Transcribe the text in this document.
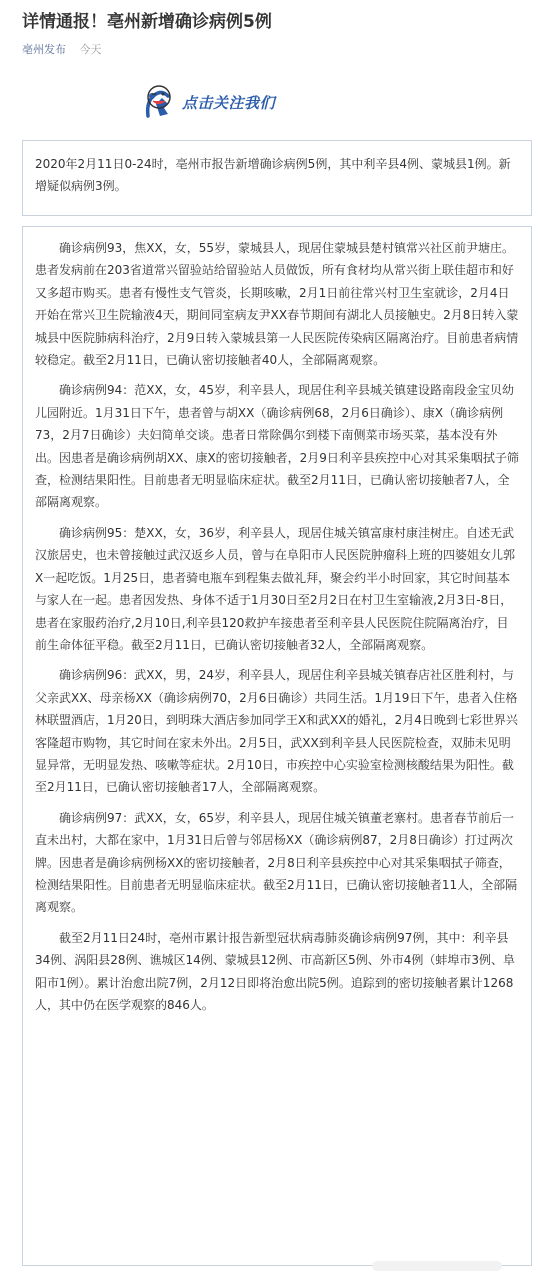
详情通报！亳州新增确诊病例5例
亳州发布 今天
点击关注我们
2020年2月11日0-24时，亳州市报告新增确诊病例5例，其中利辛县4例、蒙城县1例。新增疑似病例3例。

确诊病例93，焦XX，女，55岁，蒙城县人，现居住蒙城县楚村镇常兴社区前尹塘庄。患者发病前在203省道常兴留验站给留验站人员做饭，所有食材均从常兴街上联佳超市和好又多超市购买。患者有慢性支气管炎，长期咳嗽，2月1日前往常兴村卫生室就诊，2月4日开始在常兴卫生院输液4天，期间同室病友尹XX春节期间有湖北人员接触史。2月8日转入蒙城县中医院肺病科治疗，2月9日转入蒙城县第一人民医院传染病区隔离治疗。目前患者病情较稳定。截至2月11日，已确认密切接触者40人，全部隔离观察。

确诊病例94：范XX，女，45岁，利辛县人，现居住利辛县城关镇建设路南段金宝贝幼儿园附近。1月31日下午，患者曾与胡XX（确诊病例68，2月6日确诊）、康X（确诊病例73，2月7日确诊）夫妇简单交谈。患者日常除偶尔到楼下南侧菜市场买菜，基本没有外出。因患者是确诊病例胡XX、康X的密切接触者，2月9日利辛县疾控中心对其采集咽拭子筛查，检测结果阳性。目前患者无明显临床症状。截至2月11日，已确认密切接触者7人，全部隔离观察。

确诊病例95：楚XX，女，36岁，利辛县人，现居住城关镇富康村康洼树庄。自述无武汉旅居史，也未曾接触过武汉返乡人员，曾与在阜阳市人民医院肿瘤科上班的四婆姐女儿郭X一起吃饭。1月25日，患者骑电瓶车到程集去做礼拜，聚会约半小时回家，其它时间基本与家人在一起。患者因发热、身体不适于1月30日至2月2日在村卫生室输液,2月3日-8日，患者在家服药治疗,2月10日,利辛县120救护车接患者至利辛县人民医院住院隔离治疗，目前生命体征平稳。截至2月11日，已确认密切接触者32人，全部隔离观察。

确诊病例96：武XX，男，24岁，利辛县人，现居住利辛县城关镇春店社区胜利村，与父亲武XX、母亲杨XX（确诊病例70，2月6日确诊）共同生活。1月19日下午，患者入住格林联盟酒店，1月20日，到明珠大酒店参加同学王X和武XX的婚礼，2月4日晚到七彩世界兴客隆超市购物，其它时间在家未外出。2月5日，武XX到利辛县人民医院检查，双肺未见明显异常，无明显发热、咳嗽等症状。2月10日，市疾控中心实验室检测核酸结果为阳性。截至2月11日，已确认密切接触者17人，全部隔离观察。

确诊病例97：武XX，女，65岁，利辛县人，现居住城关镇董老寨村。患者春节前后一直未出村，大都在家中，1月31日后曾与邻居杨XX（确诊病例87，2月8日确诊）打过两次牌。因患者是确诊病例杨XX的密切接触者，2月8日利辛县疾控中心对其采集咽拭子筛查，检测结果阳性。目前患者无明显临床症状。截至2月11日，已确认密切接触者11人，全部隔离观察。

截至2月11日24时，亳州市累计报告新型冠状病毒肺炎确诊病例97例，其中：利辛县34例、涡阳县28例、谯城区14例、蒙城县12例、市高新区5例、外市4例（蚌埠市3例、阜阳市1例）。累计治愈出院7例，2月12日即将治愈出院5例。追踪到的密切接触者累计1268人，其中仍在医学观察的846人。
